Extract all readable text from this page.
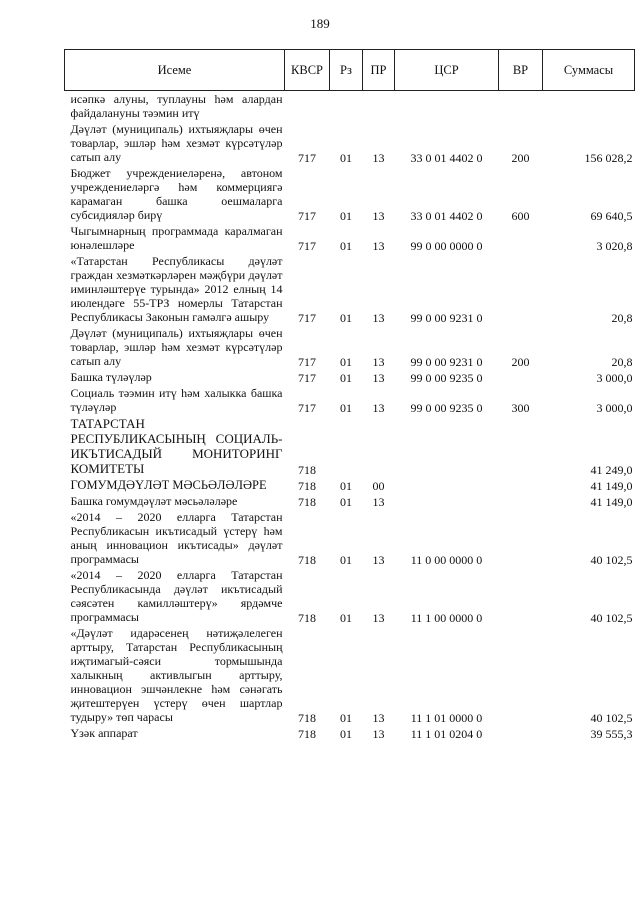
189
Исеме	КВСР	Рз	ПР	ЦСР	ВР	Суммасы
исәпкә алуны, туплауны һәм алардан файдалануны тәэмин итү						
Дәүләт (муниципаль) ихтыяҗлары өчен товарлар, эшләр һәм хезмәт күрсәтүләр сатып алу	717	01	13	33 0 01 4402 0	200	156 028,2
Бюджет учреждениеләренә, автоном учреждениеләргә һәм коммерциягә карамаган башка оешмаларга субсидияләр бирү	717	01	13	33 0 01 4402 0	600	69 640,5
Чыгымнарның программада каралмаган юнәлешләре	717	01	13	99 0 00 0000 0		3 020,8
«Татарстан Республикасы дәүләт граждан хезмәткәрләрен мәҗбүри дәүләт иминләштерүе турында» 2012 елның 14 июлендәге 55-ТРЗ номерлы Татарстан Республикасы Законын гамәлгә ашыру	717	01	13	99 0 00 9231 0		20,8
Дәүләт (муниципаль) ихтыяҗлары өчен товарлар, эшләр һәм хезмәт күрсәтүләр сатып алу	717	01	13	99 0 00 9231 0	200	20,8
Башка түләүләр	717	01	13	99 0 00 9235 0		3 000,0
Социаль тәэмин итү һәм халыкка башка түләүләр	717	01	13	99 0 00 9235 0	300	3 000,0
ТАТАРСТАН РЕСПУБЛИКАСЫНЫҢ СОЦИАЛЬ-ИКЪТИСАДЫЙ МОНИТОРИНГ КОМИТЕТЫ	718					41 249,0
ГОМУМДӘҮЛӘТ МӘСЬӘЛӘЛӘРЕ	718	01	00			41 149,0
Башка гомумдәүләт мәсьәләләре	718	01	13			41 149,0
«2014 – 2020 елларга Татарстан Республикасын икътисадый үстерү һәм аның инновацион икътисады» дәүләт программасы	718	01	13	11 0 00 0000 0		40 102,5
«2014 – 2020 елларга Татарстан Республикасында дәүләт икътисадый сәясәтен камилләштерү» ярдәмче программасы	718	01	13	11 1 00 0000 0		40 102,5
«Дәүләт идарәсенең нәтиҗәлелеген арттыру, Татарстан Республикасының иҗтимагый-сәяси тормышында халыкның активлыгын арттыру, инновацион эшчәнлекне һәм сәнәгать җитештерүен үстерү өчен шартлар тудыру» төп чарасы	718	01	13	11 1 01 0000 0		40 102,5
Үзәк аппарат	718	01	13	11 1 01 0204 0		39 555,3
